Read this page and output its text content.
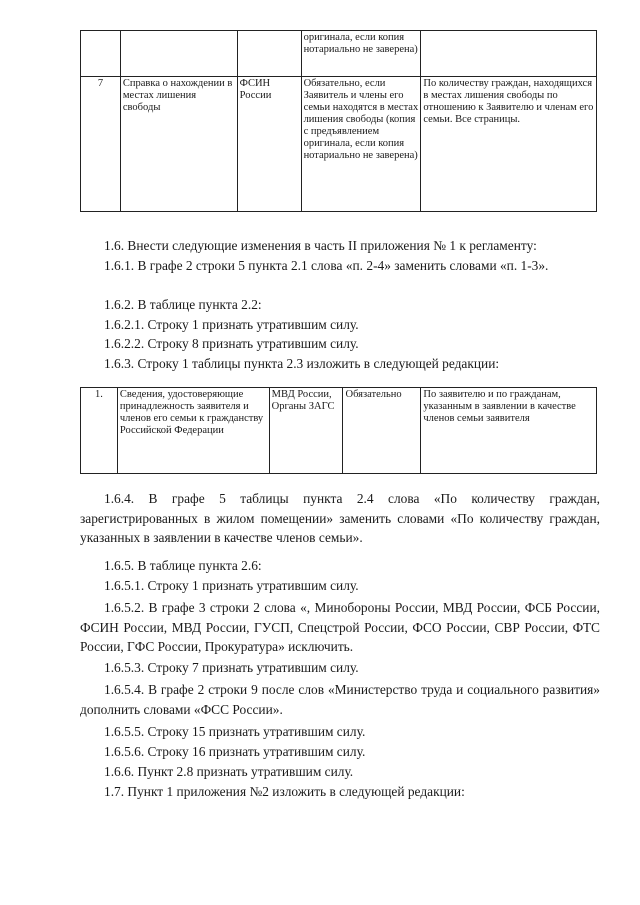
			оригинала, если копия нотариально не заверена)	
7	Справка о нахождении в местах лишения свободы	ФСИН России	Обязательно, если Заявитель и члены его семьи находятся в местах лишения свободы (копия с предъявлением оригинала, если копия нотариально не заверена)	По количеству граждан, находящихся в местах лишения свободы по отношению к Заявителю и членам его семьи. Все страницы.

1.6. Внести следующие изменения в часть II приложения № 1 к регламенту:

1.6.1. В графе 2 строки 5 пункта 2.1 слова «п. 2-4» заменить словами «п. 1-3».

1.6.2. В таблице пункта 2.2:

1.6.2.1. Строку 1 признать утратившим силу.

1.6.2.2. Строку 8 признать утратившим силу.

1.6.3. Строку 1 таблицы пункта 2.3 изложить в следующей редакции:

1.	Сведения, удостоверяющие принадлежность заявителя и членов его семьи к гражданству Российской Федерации	МВД России, Органы ЗАГС	Обязательно	По заявителю и по гражданам, указанным в заявлении в качестве членов семьи заявителя

1.6.4. В графе 5 таблицы пункта 2.4 слова «По количеству граждан, зарегистрированных в жилом помещении» заменить словами «По количеству граждан, указанных в заявлении в качестве членов семьи».

1.6.5. В таблице пункта 2.6:

1.6.5.1. Строку 1 признать утратившим силу.

1.6.5.2. В графе 3 строки 2 слова «, Минобороны России, МВД России, ФСБ России, ФСИН России, МВД России, ГУСП, Спецстрой России, ФСО России, СВР России, ФТС России, ГФС России, Прокуратура» исключить.

1.6.5.3. Строку 7 признать утратившим силу.

1.6.5.4. В графе 2 строки 9 после слов «Министерство труда и социального развития» дополнить словами «ФСС России».

1.6.5.5. Строку 15 признать утратившим силу.

1.6.5.6. Строку 16 признать утратившим силу.

1.6.6. Пункт 2.8 признать утратившим силу.

1.7. Пункт 1 приложения №2 изложить в следующей редакции:
